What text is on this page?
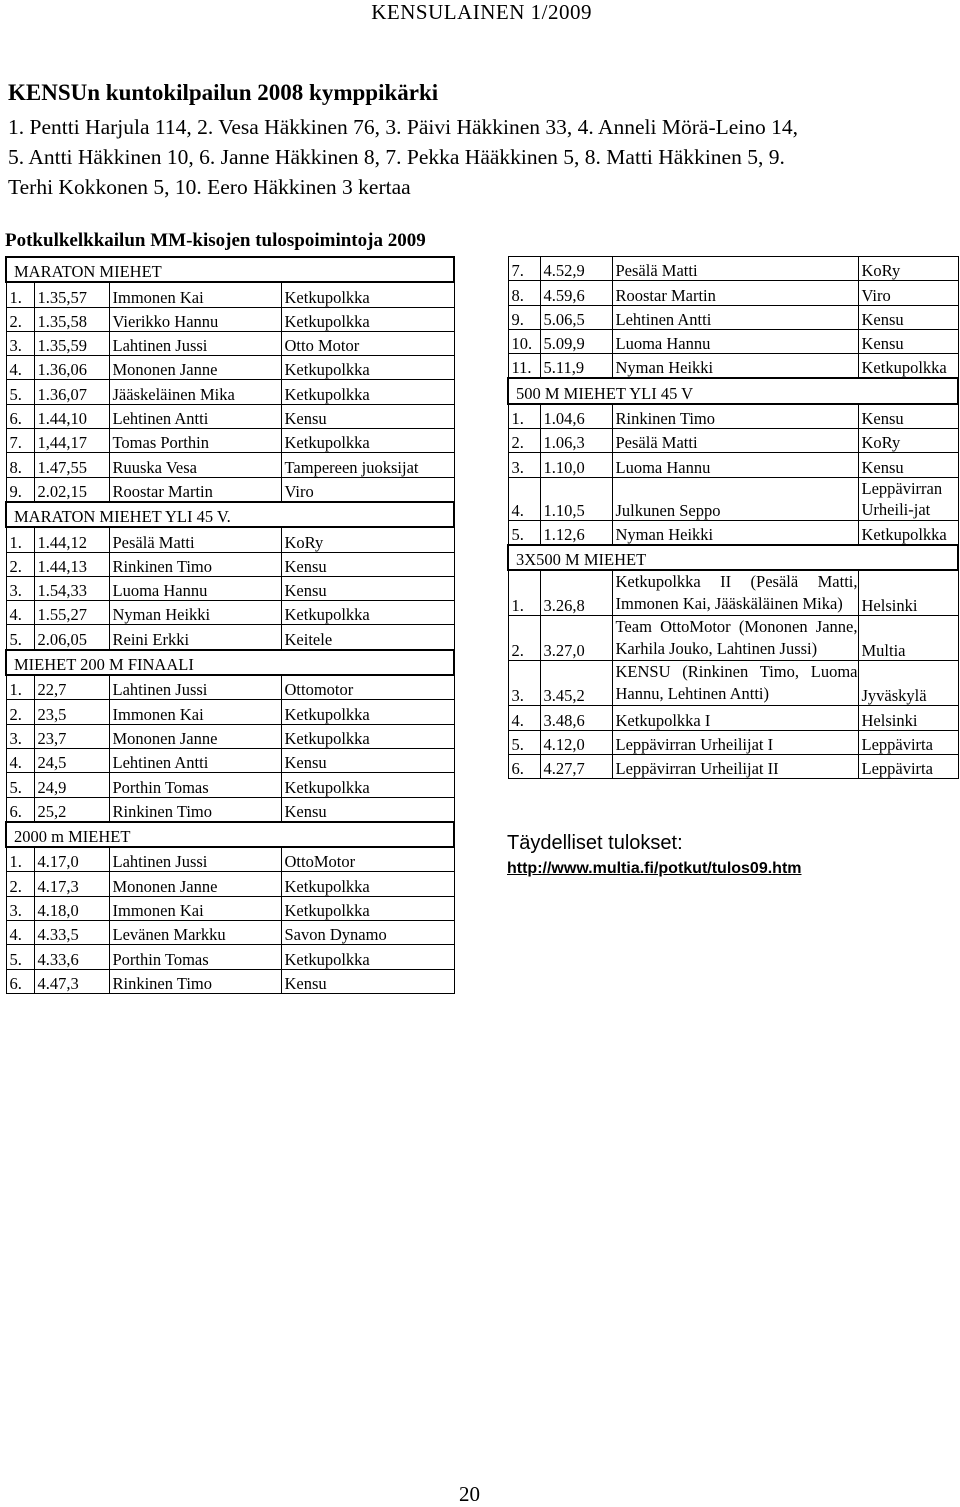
KENSULAINEN 1/2009
KENSUn kuntokilpailun 2008 kymppikärki
1. Pentti Harjula 114, 2. Vesa Häkkinen 76, 3. Päivi Häkkinen 33, 4. Anneli Mörä-Leino 14,
5. Antti Häkkinen 10, 6. Janne Häkkinen 8, 7. Pekka Hääkkinen 5, 8. Matti Häkkinen 5, 9.
Terhi Kokkonen 5, 10. Eero Häkkinen 3 kertaa
Potkulkelkkailun MM-kisojen tulospoimintoja 2009
MARATON MIEHET			
1.	1.35,57	Immonen Kai	Ketkupolkka
2.	1.35,58	Vierikko Hannu	Ketkupolkka
3.	1.35,59	Lahtinen Jussi	Otto Motor
4.	1.36,06	Mononen Janne	Ketkupolkka
5.	1.36,07	Jääskeläinen Mika	Ketkupolkka
6.	1.44,10	Lehtinen Antti	Kensu
7.	1,44,17	Tomas Porthin	Ketkupolkka
8.	1.47,55	Ruuska Vesa	Tampereen juoksijat
9.	2.02,15	Roostar Martin	Viro
MARATON MIEHET YLI 45 V.			
1.	1.44,12	Pesälä Matti	KoRy
2.	1.44,13	Rinkinen Timo	Kensu
3.	1.54,33	Luoma Hannu	Kensu
4.	1.55,27	Nyman Heikki	Ketkupolkka
5.	2.06,05	Reini Erkki	Keitele
MIEHET 200 M FINAALI			
1.	22,7	Lahtinen Jussi	Ottomotor
2.	23,5	Immonen Kai	Ketkupolkka
3.	23,7	Mononen Janne	Ketkupolkka
4.	24,5	Lehtinen Antti	Kensu
5.	24,9	Porthin Tomas	Ketkupolkka
6.	25,2	Rinkinen Timo	Kensu
2000 m MIEHET			
1.	4.17,0	Lahtinen Jussi	OttoMotor
2.	4.17,3	Mononen Janne	Ketkupolkka
3.	4.18,0	Immonen Kai	Ketkupolkka
4.	4.33,5	Levänen Markku	Savon Dynamo
5.	4.33,6	Porthin Tomas	Ketkupolkka
6.	4.47,3	Rinkinen Timo	Kensu
7.	4.52,9	Pesälä Matti	KoRy
8.	4.59,6	Roostar Martin	Viro
9.	5.06,5	Lehtinen Antti	Kensu
10.	5.09,9	Luoma Hannu	Kensu
11.	5.11,9	Nyman Heikki	Ketkupolkka
500 M MIEHET YLI 45 V			
1.	1.04,6	Rinkinen Timo	Kensu
2.	1.06,3	Pesälä Matti	KoRy
3.	1.10,0	Luoma Hannu	Kensu
4.	1.10,5	Julkunen Seppo	Leppävirran Urheili-jat
5.	1.12,6	Nyman Heikki	Ketkupolkka
3X500 M MIEHET			
1.	3.26,8	Ketkupolkka II (Pesälä Matti, Immonen Kai, Jääskäläinen Mika)	Helsinki
2.	3.27,0	Team OttoMotor (Mononen Janne, Karhila Jouko, Lahtinen Jussi)	Multia
3.	3.45,2	KENSU (Rinkinen Timo, Luoma Hannu, Lehtinen Antti)	Jyväskylä
4.	3.48,6	Ketkupolkka I	Helsinki
5.	4.12,0	Leppävirran Urheilijat I	Leppävirta
6.	4.27,7	Leppävirran Urheilijat II	Leppävirta
Täydelliset tulokset:
http://www.multia.fi/potkut/tulos09.htm
20
